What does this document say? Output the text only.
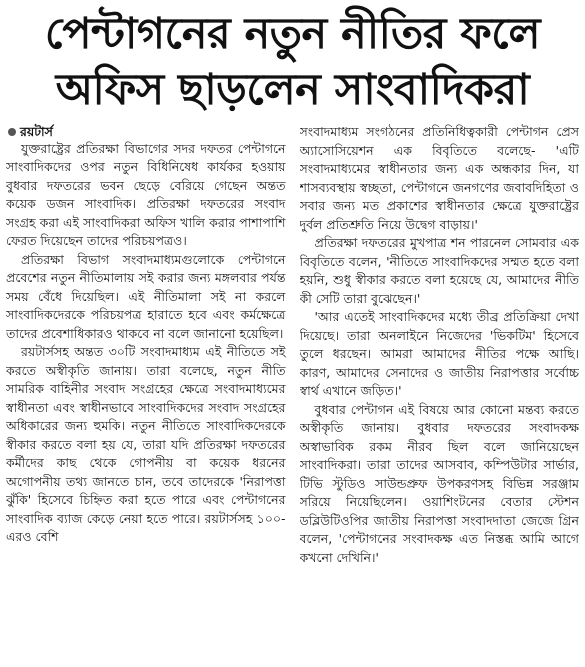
পেন্টাগনের নতুন নীতির ফলে
অফিস ছাড়লেন সাংবাদিকরা
রয়টার্স

যুক্তরাষ্ট্রের প্রতিরক্ষা বিভাগের সদর দফতর পেন্টাগনে সাংবাদিকদের ওপর নতুন বিধিনিষেধ কার্যকর হওয়ায় বুধবার দফতরের ভবন ছেড়ে বেরিয়ে গেছেন অন্তত কয়েক ডজন সাংবাদিক। প্রতিরক্ষা দফতরের সংবাদ সংগ্রহ করা এই সাংবাদিকরা অফিস খালি করার পাশাপাশি ফেরত দিয়েছেন তাদের পরিচয়পত্রও।

প্রতিরক্ষা বিভাগ সংবাদমাধ্যমগুলোকে পেন্টাগনে প্রবেশের নতুন নীতিমালায় সই করার জন্য মঙ্গলবার পর্যন্ত সময় বেঁধে দিয়েছিল। এই নীতিমালা সই না করলে সাংবাদিকদেরকে পরিচয়পত্র হারাতে হবে এবং কর্মক্ষেত্রে তাদের প্রবেশাধিকারও থাকবে না বলে জানানো হয়েছিল।

রয়টার্সসহ অন্তত ৩০টি সংবাদমাধ্যম এই নীতিতে সই করতে অস্বীকৃতি জানায়। তারা বলেছে, নতুন নীতি সামরিক বাহিনীর সংবাদ সংগ্রহের ক্ষেত্রে সংবাদমাধ্যমের স্বাধীনতা এবং স্বাধীনভাবে সাংবাদিকদের সংবাদ সংগ্রহের অধিকারের জন্য হুমকি। নতুন নীতিতে সাংবাদিকদেরকে স্বীকার করতে বলা হয় যে, তারা যদি প্রতিরক্ষা দফতরের কর্মীদের কাছ থেকে গোপনীয় বা কয়েক ধরনের অগোপনীয় তথ্য জানতে চান, তবে তাদেরকে 'নিরাপত্তা ঝুঁকি' হিসেবে চিহ্নিত করা হতে পারে এবং পেন্টাগনের সাংবাদিক ব্যাজ কেড়ে নেয়া হতে পারে। রয়টার্সসহ ১০০-এরও বেশি

সংবাদমাধ্যম সংগঠনের প্রতিনিধিত্বকারী পেন্টাগন প্রেস অ্যাসোসিয়েশন এক বিবৃতিতে বলেছে- 'এটি সংবাদমাধ্যমের স্বাধীনতার জন্য এক অন্ধকার দিন, যা শাসব্যবস্থায় স্বচ্ছতা, পেন্টাগনে জনগণের জবাবদিহিতা ও সবার জন্য মত প্রকাশের স্বাধীনতার ক্ষেত্রে যুক্তরাষ্ট্রের দুর্বল প্রতিশ্রুতি নিয়ে উদ্বেগ বাড়ায়।'

প্রতিরক্ষা দফতরের মুখপাত্র শন পারনেল সোমবার এক বিবৃতিতে বলেন, 'নীতিতে সাংবাদিকদের সম্মত হতে বলা হয়নি, শুধু স্বীকার করতে বলা হয়েছে যে, আমাদের নীতি কী সেটি তারা বুঝেছেন।'

'আর এতেই সাংবাদিকদের মধ্যে তীব্র প্রতিক্রিয়া দেখা দিয়েছে। তারা অনলাইনে নিজেদের 'ভিকটিম' হিসেবে তুলে ধরছেন। আমরা আমাদের নীতির পক্ষে আছি। কারণ, আমাদের সেনাদের ও জাতীয় নিরাপত্তার সর্বোচ্চ স্বার্থ এখানে জড়িত।'

বুধবার পেন্টাগন এই বিষয়ে আর কোনো মন্তব্য করতে অস্বীকৃতি জানায়। বুধবার দফতরের সংবাদকক্ষ অস্বাভাবিক রকম নীরব ছিল বলে জানিয়েছেন সাংবাদিকরা। তারা তাদের আসবাব, কম্পিউটার সার্ভার, টিভি স্টুডিও সাউন্ডপ্রুফ উপকরণসহ বিভিন্ন সরঞ্জাম সরিয়ে নিয়েছিলেন। ওয়াশিংটনের বেতার স্টেশন ডব্লিউটিওপির জাতীয় নিরাপত্তা সংবাদদাতা জেজে গ্রিন বলেন, 'পেন্টাগনের সংবাদকক্ষ এত নিস্তব্ধ আমি আগে কখনো দেখিনি।'
